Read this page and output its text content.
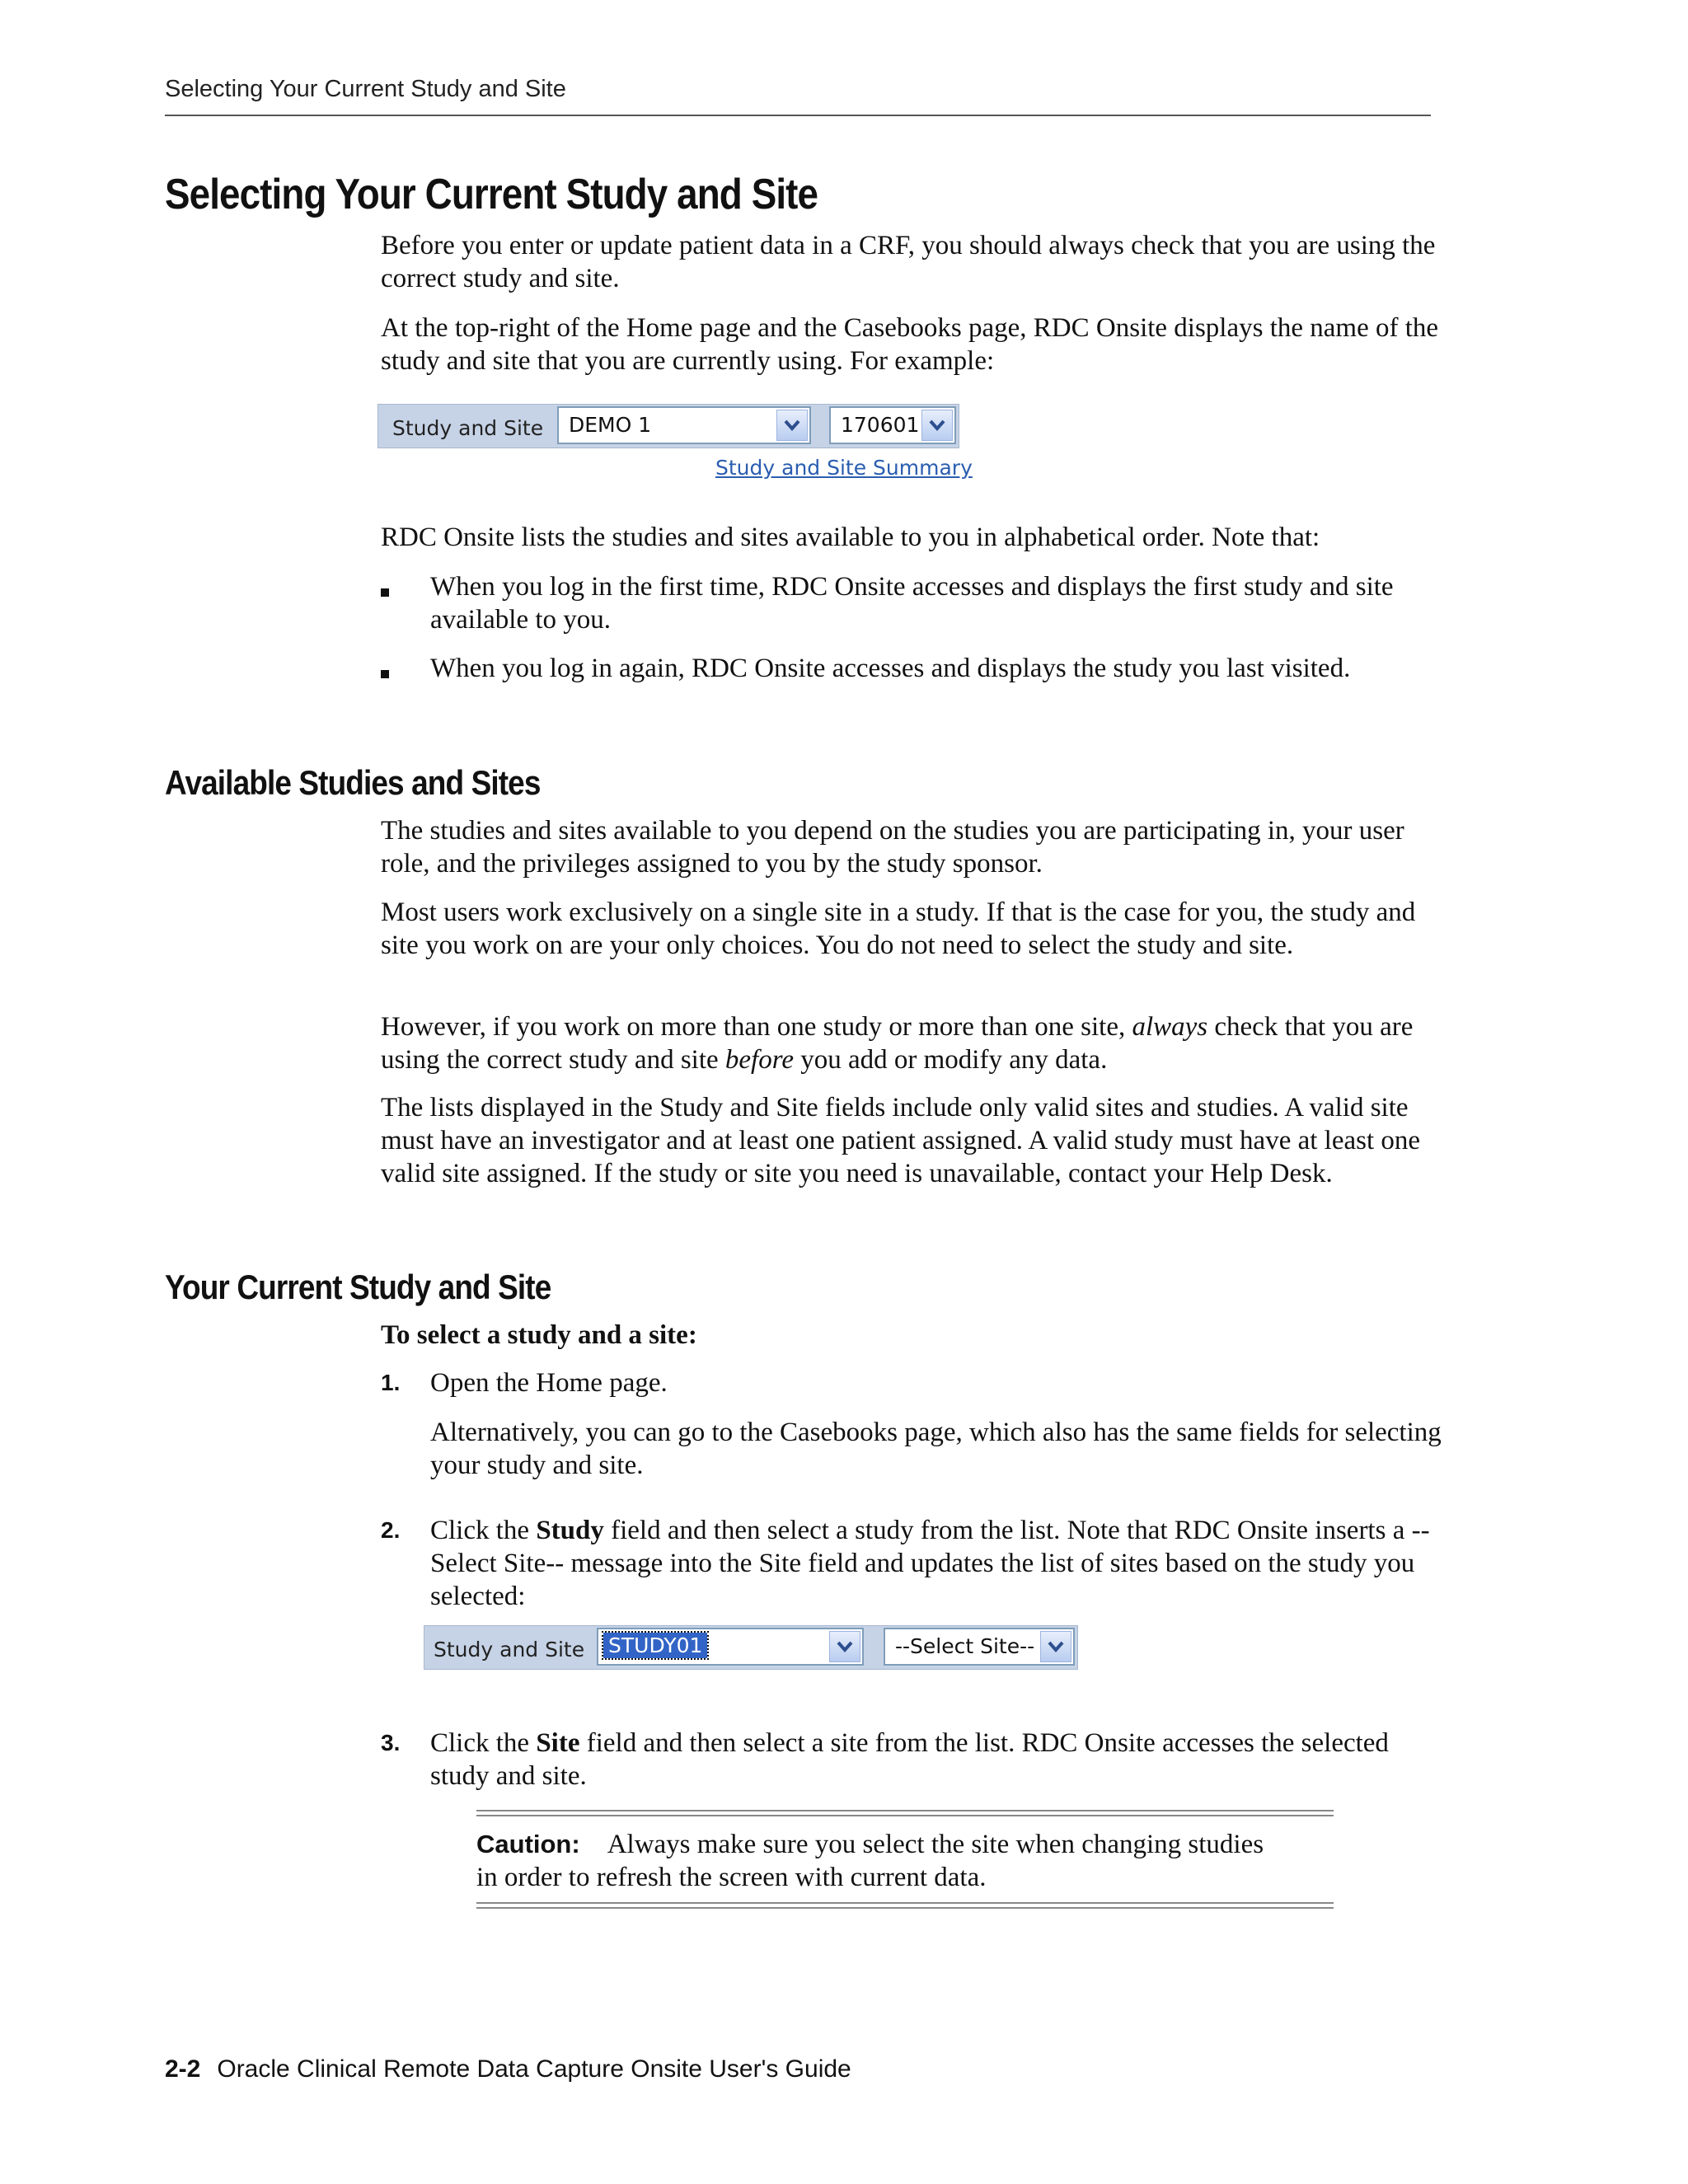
Selecting Your Current Study and Site
Selecting Your Current Study and Site

Before you enter or update patient data in a CRF, you should always check that you are using the correct study and site.

At the top-right of the Home page and the Casebooks page, RDC Onsite displays the name of the study and site that you are currently using. For example:

Study and Site DEMO 1	170601
Study and Site Summary

RDC Onsite lists the studies and sites available to you in alphabetical order. Note that:

When you log in the first time, RDC Onsite accesses and displays the first study and site available to you.

When you log in again, RDC Onsite accesses and displays the study you last visited.

Available Studies and Sites

The studies and sites available to you depend on the studies you are participating in, your user role, and the privileges assigned to you by the study sponsor.

Most users work exclusively on a single site in a study. If that is the case for you, the study and site you work on are your only choices. You do not need to select the study and site.

However, if you work on more than one study or more than one site, always check that you are using the correct study and site before you add or modify any data.

The lists displayed in the Study and Site fields include only valid sites and studies. A valid site must have an investigator and at least one patient assigned. A valid study must have at least one valid site assigned. If the study or site you need is unavailable, contact your Help Desk.

Your Current Study and Site

To select a study and a site:

1. Open the Home page.

Alternatively, you can go to the Casebooks page, which also has the same fields for selecting your study and site.

2. Click the Study field and then select a study from the list. Note that RDC Onsite inserts a --Select Site-- message into the Site field and updates the list of sites based on the study you selected:

Study and Site STUDY01	--Select Site--
3. Click the Site field and then select a site from the list. RDC Onsite accesses the selected study and site.

Caution: Always make sure you select the site when changing studies in order to refresh the screen with current data.

2-2 Oracle Clinical Remote Data Capture Onsite User's Guide
